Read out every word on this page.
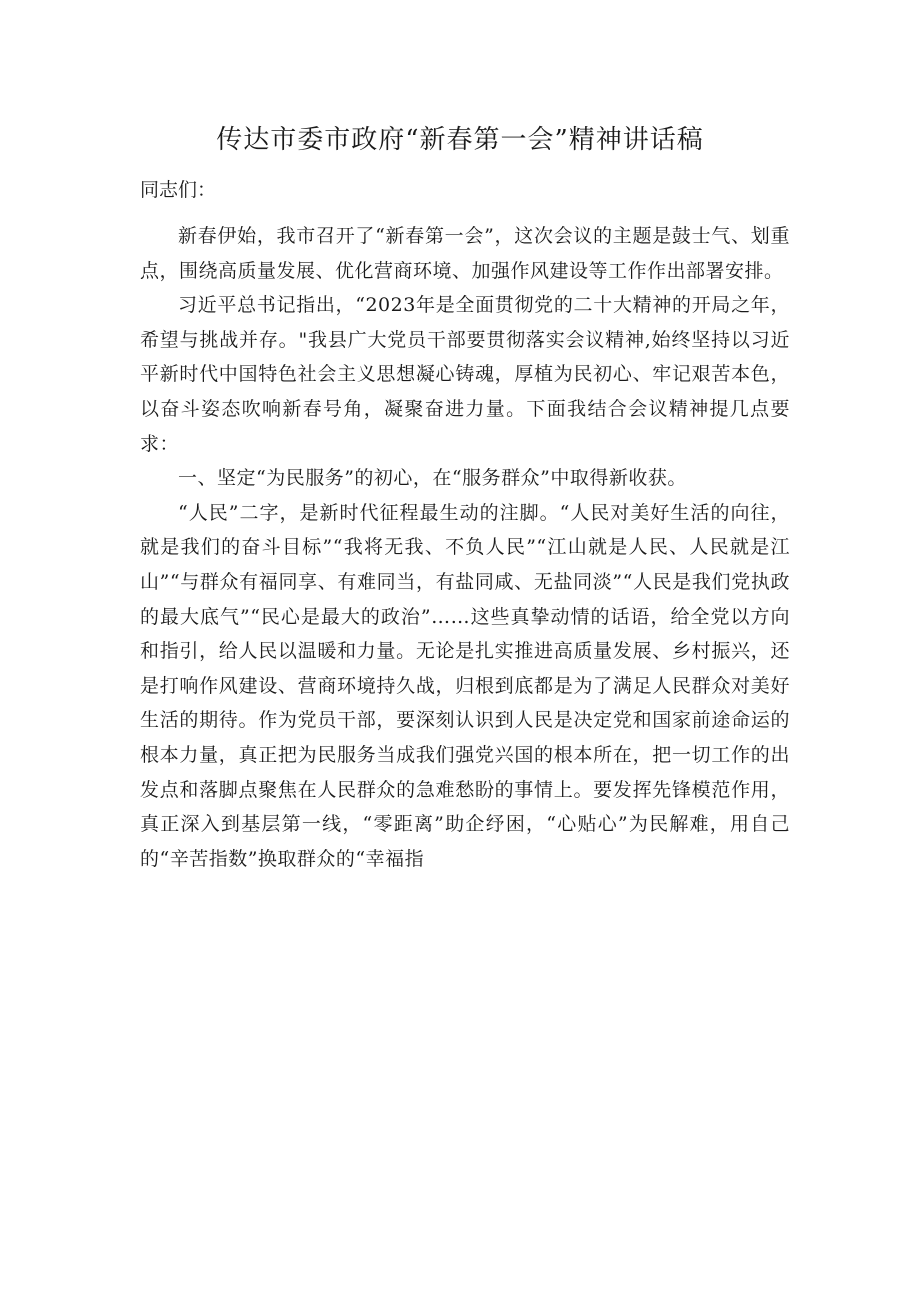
传达市委市政府“新春第一会”精神讲话稿

同志们：

新春伊始，我市召开了“新春第一会”，这次会议的主题是鼓士气、划重点，围绕高质量发展、优化营商环境、加强作风建设等工作作出部署安排。

习近平总书记指出，“2023年是全面贯彻党的二十大精神的开局之年，希望与挑战并存。"我县广大党员干部要贯彻落实会议精神,始终坚持以习近平新时代中国特色社会主义思想凝心铸魂，厚植为民初心、牢记艰苦本色，以奋斗姿态吹响新春号角，凝聚奋进力量。下面我结合会议精神提几点要求：

一、坚定“为民服务”的初心，在“服务群众”中取得新收获。

“人民”二字，是新时代征程最生动的注脚。“人民对美好生活的向往，就是我们的奋斗目标”“我将无我、不负人民”“江山就是人民、人民就是江山”“与群众有福同享、有难同当，有盐同咸、无盐同淡”“人民是我们党执政的最大底气”“民心是最大的政治”……这些真挚动情的话语，给全党以方向和指引，给人民以温暖和力量。无论是扎实推进高质量发展、乡村振兴，还是打响作风建设、营商环境持久战，归根到底都是为了满足人民群众对美好生活的期待。作为党员干部，要深刻认识到人民是决定党和国家前途命运的根本力量，真正把为民服务当成我们强党兴国的根本所在，把一切工作的出发点和落脚点聚焦在人民群众的急难愁盼的事情上。要发挥先锋模范作用，真正深入到基层第一线，“零距离”助企纾困，“心贴心”为民解难，用自己的“辛苦指数”换取群众的“幸福指
